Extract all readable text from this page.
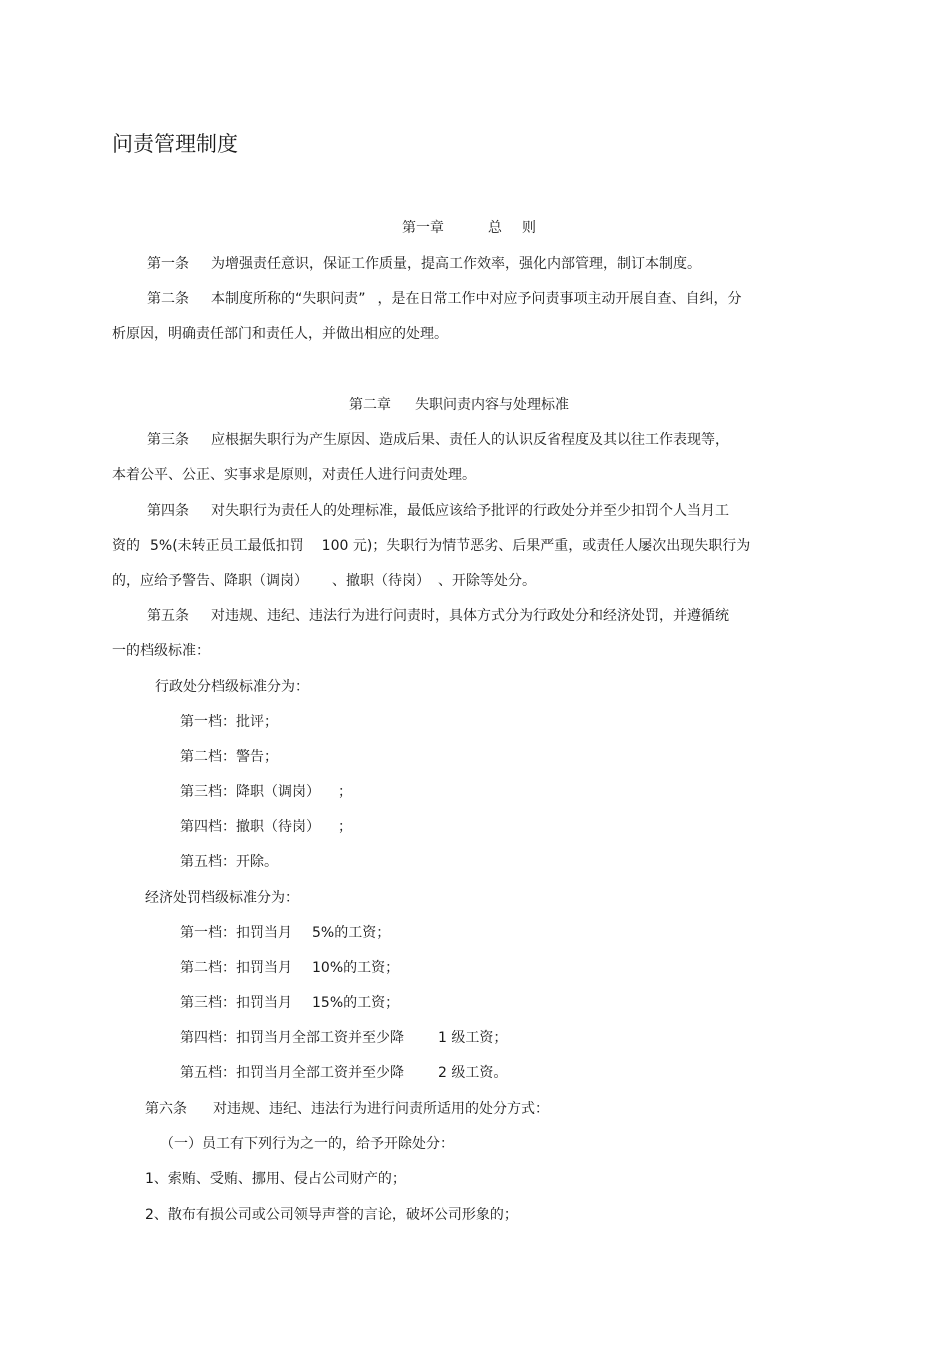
问责管理制度
第一章	总 则
第一条 为增强责任意识，保证工作质量，提高工作效率，强化内部管理，制订本制度。
第二条 本制度所称的“失职问责” ，是在日常工作中对应予问责事项主动开展自查、自纠，分
析原因，明确责任部门和责任人，并做出相应的处理。
第二章 失职问责内容与处理标准
第三条 应根据失职行为产生原因、造成后果、责任人的认识反省程度及其以往工作表现等，
本着公平、公正、实事求是原则，对责任人进行问责处理。
第四条 对失职行为责任人的处理标准，最低应该给予批评的行政处分并至少扣罚个人当月工
资的 5%(未转正员工最低扣罚 100 元)；失职行为情节恶劣、后果严重，或责任人屡次出现失职行为
的，应给予警告、降职（调岗） 、撤职（待岗） 、开除等处分。
第五条 对违规、违纪、违法行为进行问责时，具体方式分为行政处分和经济处罚，并遵循统
一的档级标准：
行政处分档级标准分为：
第一档：批评；
第二档：警告；
第三档：降职（调岗） ；
第四档：撤职（待岗） ；
第五档：开除。
经济处罚档级标准分为：
第一档：扣罚当月 5%的工资；
第二档：扣罚当月 10%的工资；
第三档：扣罚当月 15%的工资；
第四档：扣罚当月全部工资并至少降 1 级工资；
第五档：扣罚当月全部工资并至少降 2 级工资。
第六条 对违规、违纪、违法行为进行问责所适用的处分方式：
（一）员工有下列行为之一的，给予开除处分：
1、索贿、受贿、挪用、侵占公司财产的；
2、散布有损公司或公司领导声誉的言论，破坏公司形象的；
